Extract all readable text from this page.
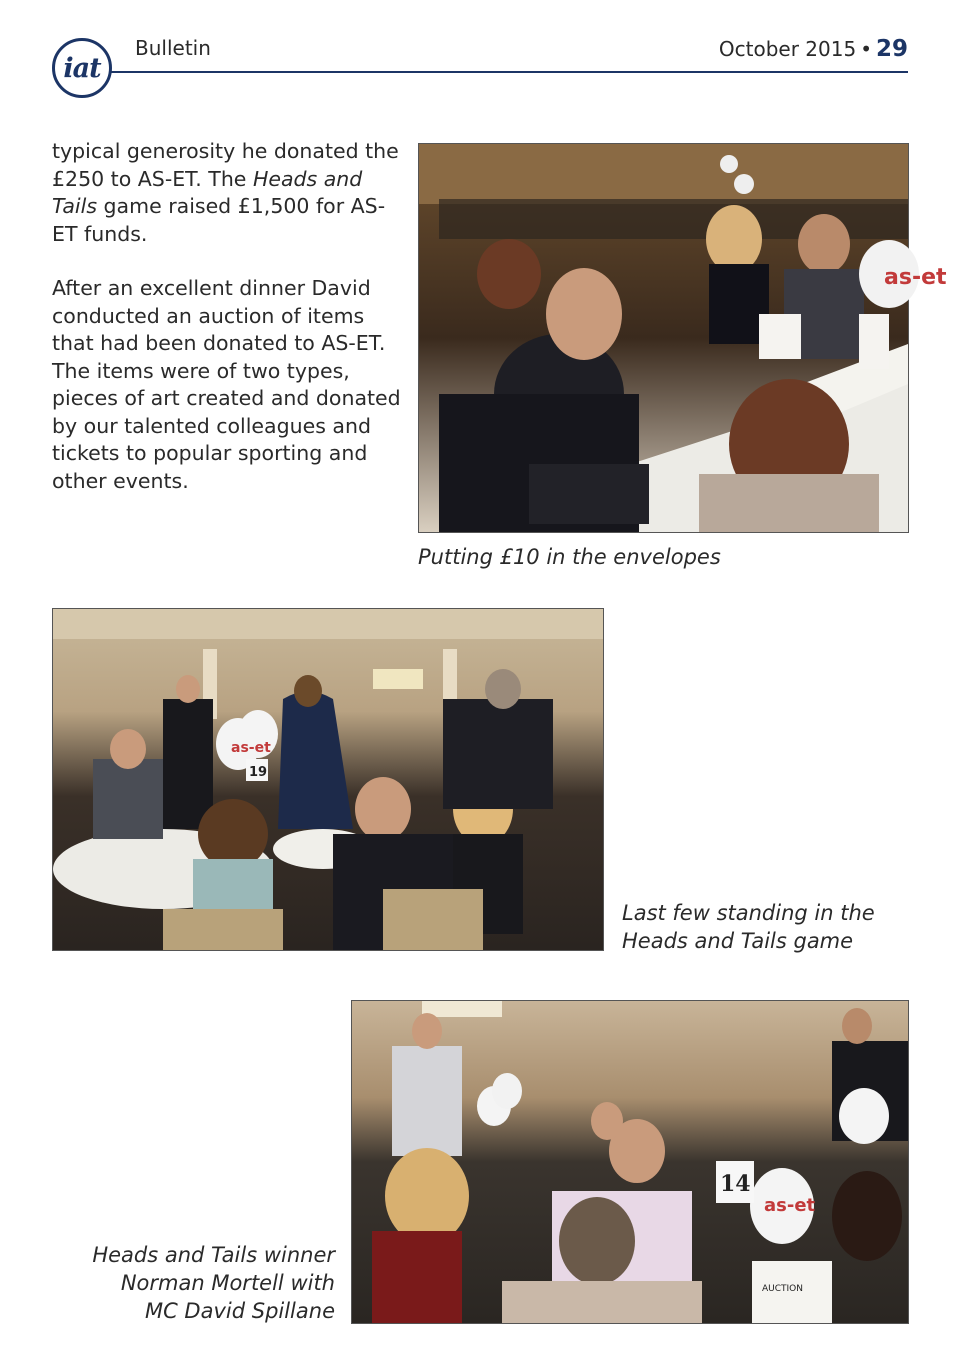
iat
Bulletin	October 2015 • 29

typical generosity he donated the £250 to AS-ET. The Heads and Tails game raised £1,500 for AS-ET funds.

After an excellent dinner David conducted an auction of items that had been donated to AS-ET. The items were of two types, pieces of art created and donated by our talented colleagues and tickets to popular sporting and other events.

as-et
Putting £10 in the envelopes
as-et
19
Last few standing in the
Heads and Tails game
as-et
14
AUCTION
Heads and Tails winner
Norman Mortell with
MC David Spillane
